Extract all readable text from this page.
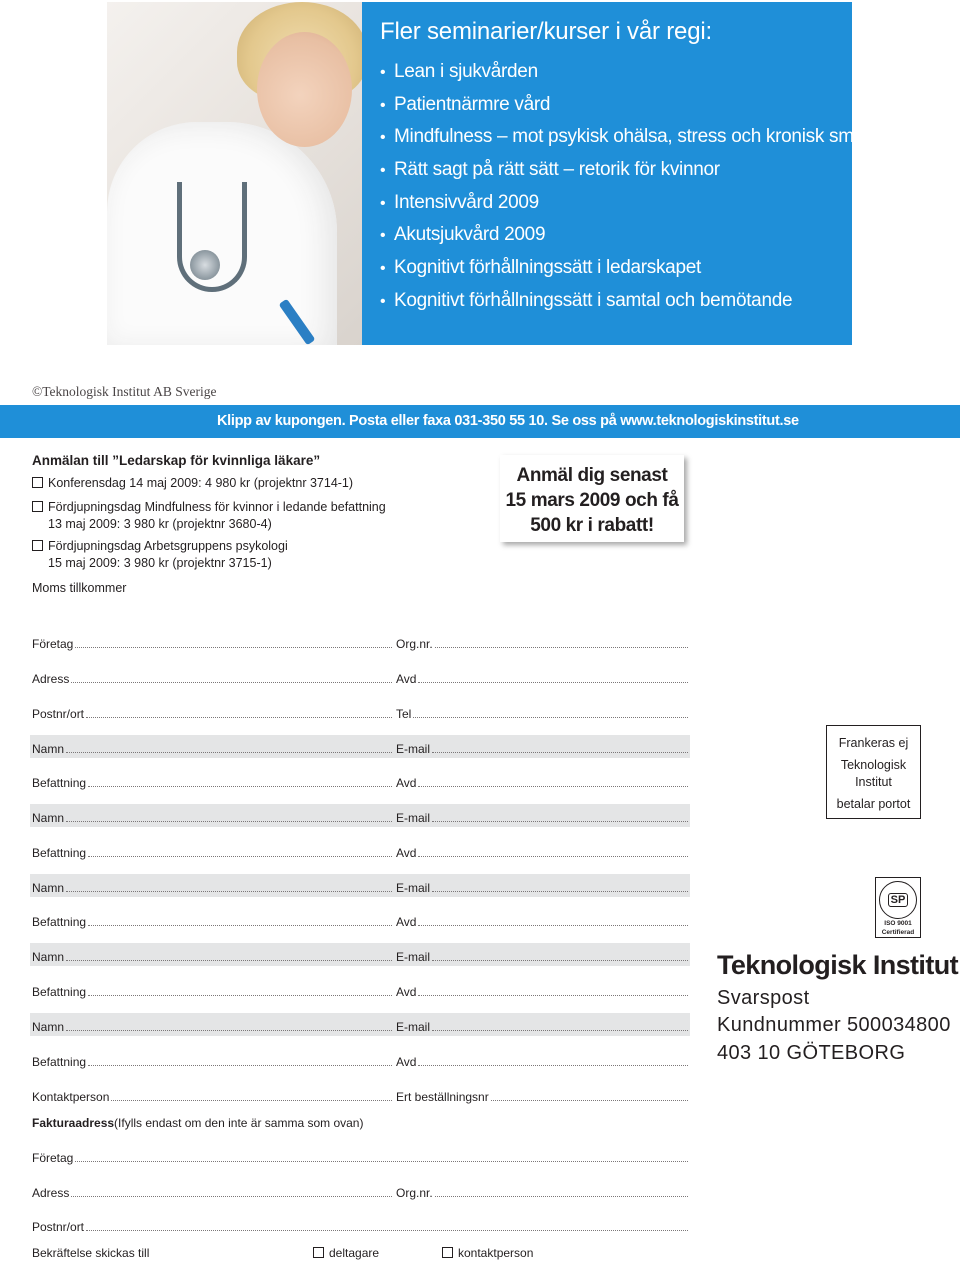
Fler seminarier/kurser i vår regi:
• Lean i sjukvården
• Patientnärmre vård
• Mindfulness – mot psykisk ohälsa, stress och kronisk smärta
• Rätt sagt på rätt sätt – retorik för kvinnor
• Intensivvård 2009
• Akutsjukvård 2009
• Kognitivt förhållningssätt i ledarskapet
• Kognitivt förhållningssätt i samtal och bemötande
©Teknologisk Institut AB Sverige
Klipp av kupongen. Posta eller faxa 031-350 55 10. Se oss på www.teknologiskinstitut.se
Anmälan till ”Ledarskap för kvinnliga läkare”
Konferensdag 14 maj 2009: 4 980 kr (projektnr 3714-1)
Fördjupningsdag Mindfulness för kvinnor i ledande befattning
13 maj 2009: 3 980 kr (projektnr 3680-4)
Fördjupningsdag Arbetsgruppens psykologi
15 maj 2009: 3 980 kr (projektnr 3715-1)
Moms tillkommer
Anmäl dig senast
15 mars 2009 och få
500 kr i rabatt!
Företag	Org.nr.
Adress	Avd
Postnr/ort	Tel
Namn	E-mail
Befattning	Avd
Namn	E-mail
Befattning	Avd
Namn	E-mail
Befattning	Avd
Namn	E-mail
Befattning	Avd
Namn	E-mail
Befattning	Avd
Kontaktperson	Ert beställningsnr
Fakturaadress (Ifylls endast om den inte är samma som ovan)
Företag
Adress	Org.nr.
Postnr/ort
Bekräftelse skickas till	deltagare	kontaktperson
Frankeras ej
Teknologisk
Institut
betalar portot
SP
ISO 9001
Certifierad
Teknologisk Institut
Svarspost
Kundnummer 500034800
403 10 GÖTEBORG
